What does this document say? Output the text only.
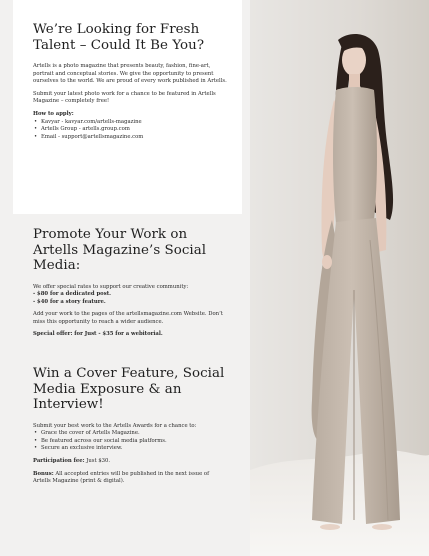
We’re Looking for Fresh Talent – Could It Be You?

Artells is a photo magazine that presents beauty, fashion, fine-art, portrait and conceptual stories. We give the opportunity to present ourselves to the world. We are proud of every work published in Artells.

Submit your latest photo work for a chance to be featured in Artells Magazine – completely free!

How to apply:

• Kavyar - kavyar.com/artells-magazine
• Artells Group - artells.group.com
• Email - support@artellsmagazine.com
Promote Your Work on Artells Magazine’s Social Media:

We offer special rates to support our creative community:

- $80 for a dedicated post.

- $40 for a story feature.

Add your work to the pages of the artellsmagazine.com Website. Don’t miss this opportunity to reach a wider audience.

Special offer: for Just - $35 for a webitorial.

Win a Cover Feature, Social Media Exposure & an Interview!

Submit your best work to the Artells Awards for a chance to:

• Grace the cover of Artells Magazine.
• Be featured across our social media platforms.
• Secure an exclusive interview.

Participation fee: Just $30.

Bonus: All accepted entries will be published in the next issue of Artells Magazine (print & digital).
